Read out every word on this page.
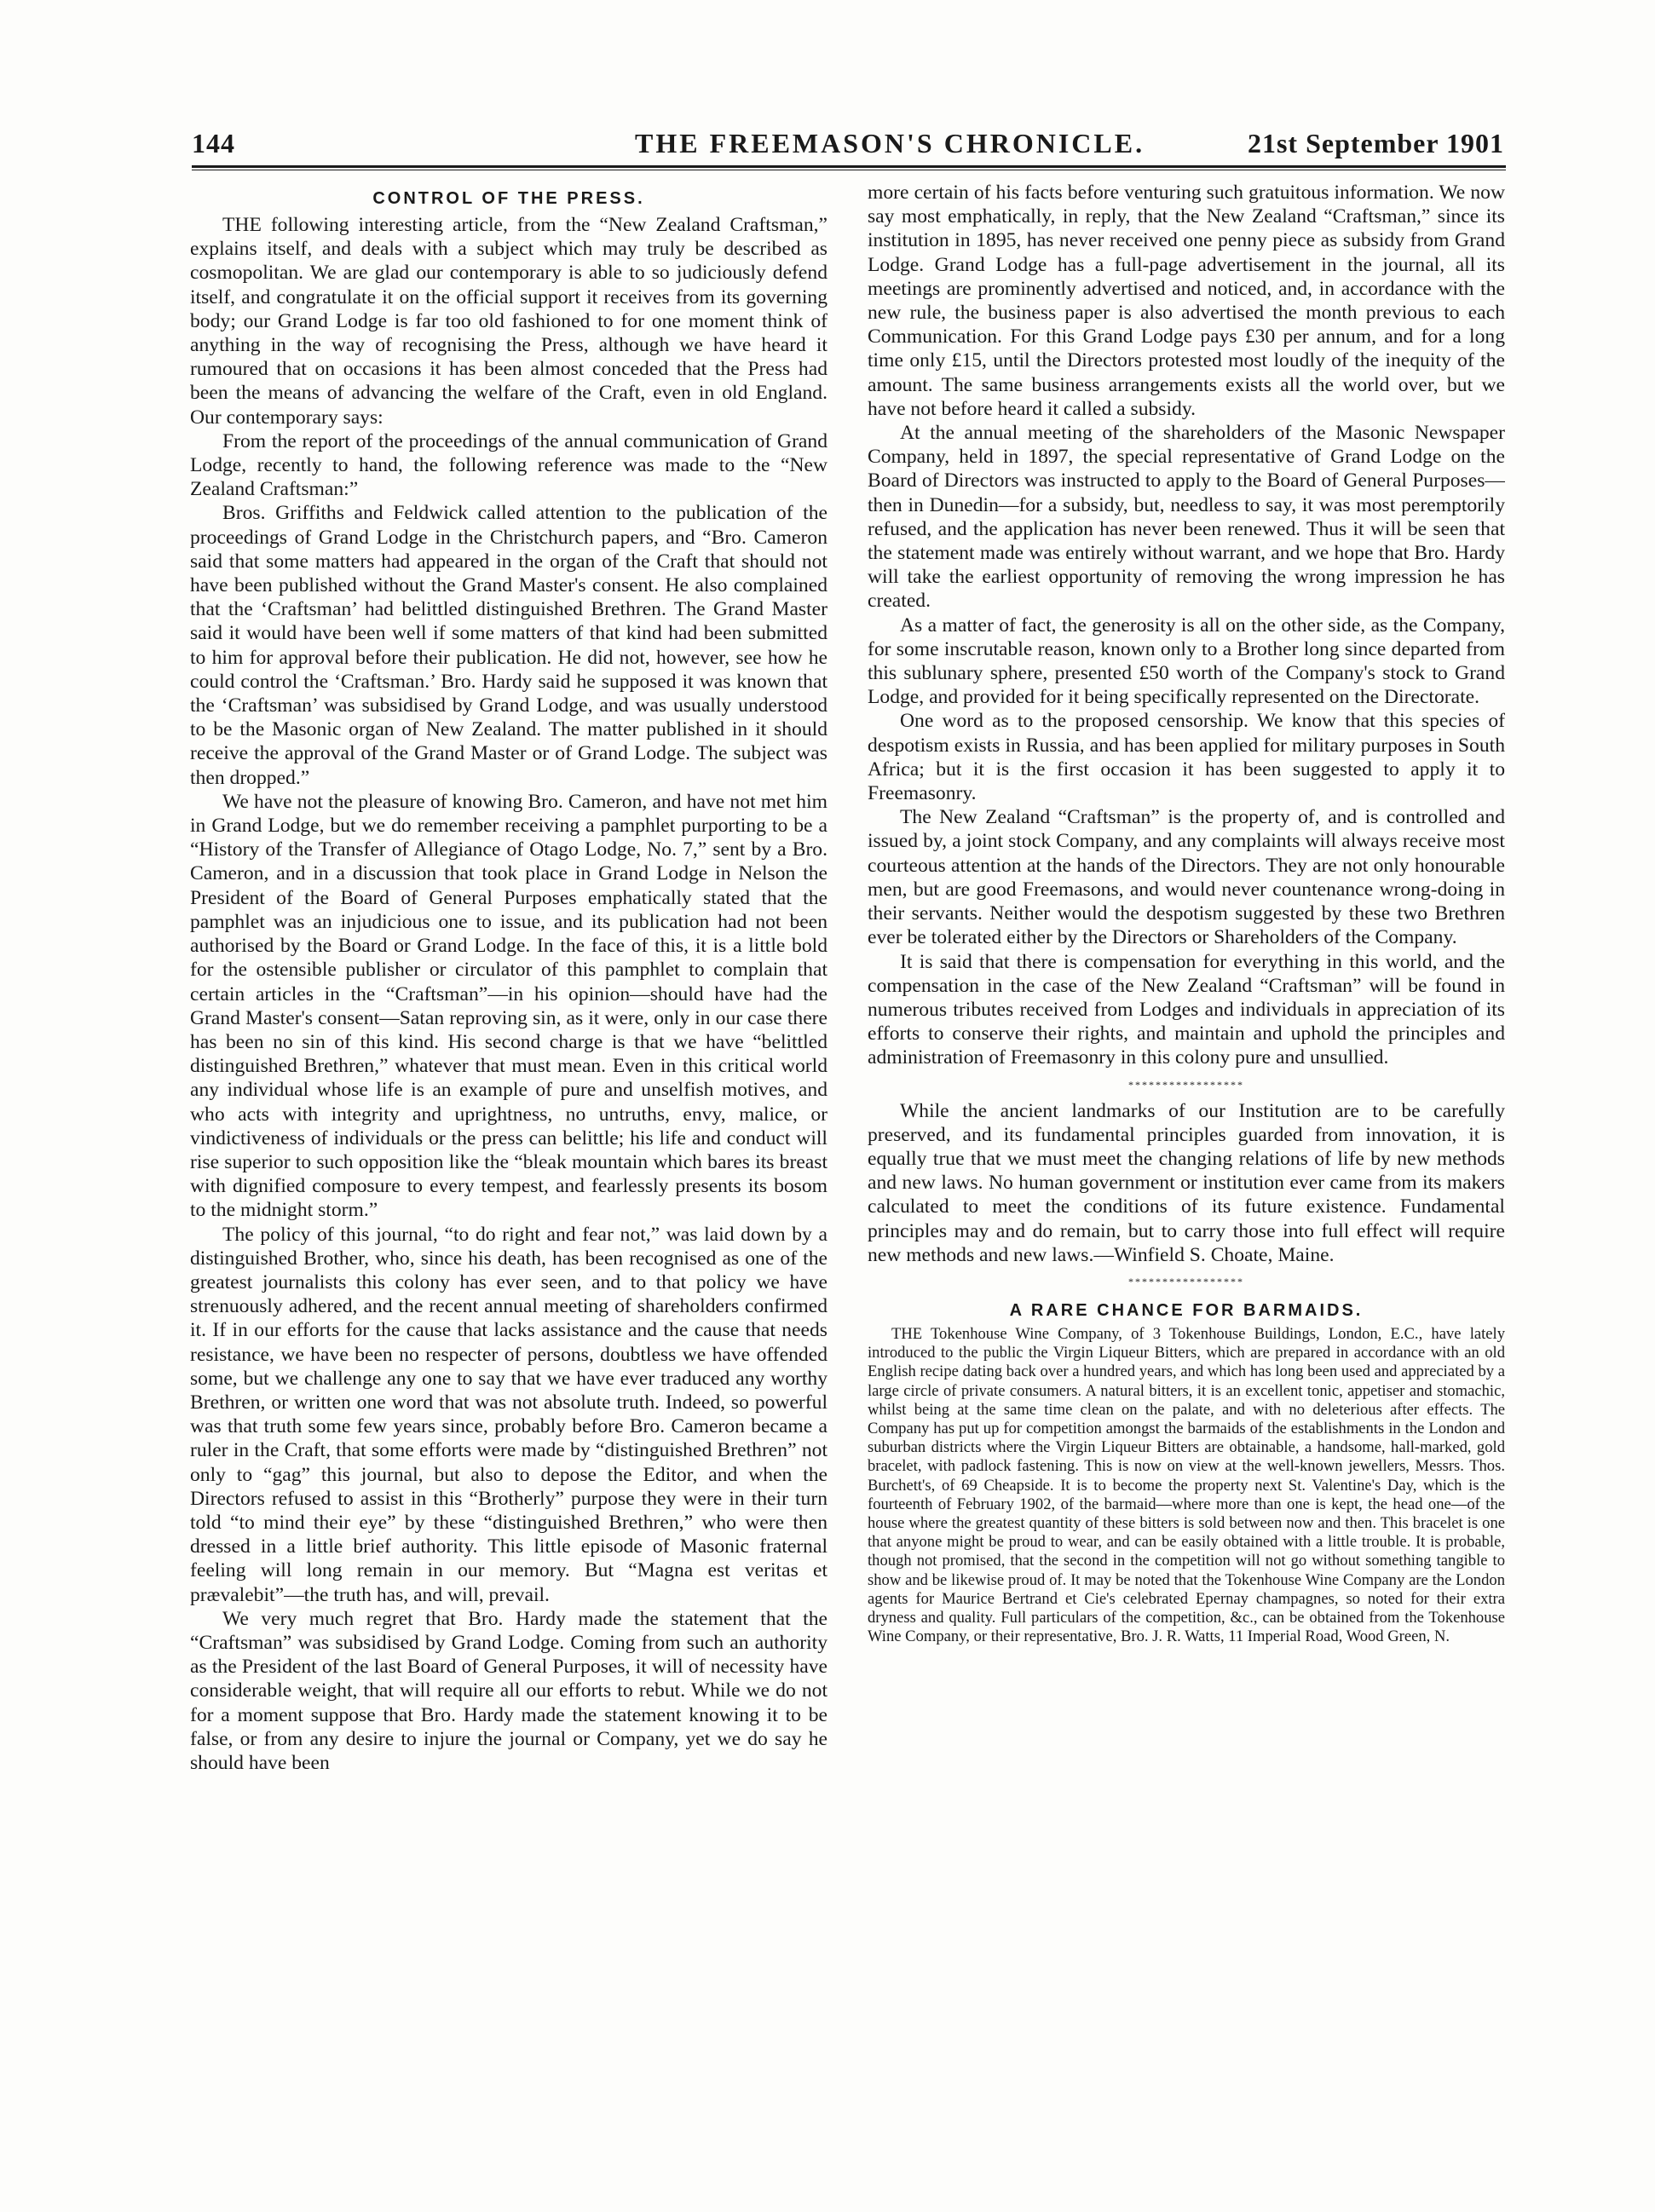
144	THE FREEMASON'S CHRONICLE.	21st September 1901
CONTROL OF THE PRESS.

THE following interesting article, from the “New Zealand Craftsman,” explains itself, and deals with a subject which may truly be described as cosmopolitan. We are glad our contemporary is able to so judiciously defend itself, and congratulate it on the official support it receives from its governing body; our Grand Lodge is far too old fashioned to for one moment think of anything in the way of recognising the Press, although we have heard it rumoured that on occasions it has been almost conceded that the Press had been the means of advancing the welfare of the Craft, even in old England. Our contemporary says:

From the report of the proceedings of the annual communication of Grand Lodge, recently to hand, the following reference was made to the “New Zealand Craftsman:”

Bros. Griffiths and Feldwick called attention to the publication of the proceedings of Grand Lodge in the Christchurch papers, and “Bro. Cameron said that some matters had appeared in the organ of the Craft that should not have been published without the Grand Master's consent. He also complained that the ‘Craftsman’ had belittled distinguished Brethren. The Grand Master said it would have been well if some matters of that kind had been submitted to him for approval before their publication. He did not, however, see how he could control the ‘Craftsman.’ Bro. Hardy said he supposed it was known that the ‘Craftsman’ was subsidised by Grand Lodge, and was usually understood to be the Masonic organ of New Zealand. The matter published in it should receive the approval of the Grand Master or of Grand Lodge. The subject was then dropped.”

We have not the pleasure of knowing Bro. Cameron, and have not met him in Grand Lodge, but we do remember receiving a pamphlet purporting to be a “History of the Transfer of Allegiance of Otago Lodge, No. 7,” sent by a Bro. Cameron, and in a discussion that took place in Grand Lodge in Nelson the President of the Board of General Purposes emphatically stated that the pamphlet was an injudicious one to issue, and its publication had not been authorised by the Board or Grand Lodge. In the face of this, it is a little bold for the ostensible publisher or circulator of this pamphlet to complain that certain articles in the “Craftsman”—in his opinion—should have had the Grand Master's consent—Satan reproving sin, as it were, only in our case there has been no sin of this kind. His second charge is that we have “belittled distinguished Brethren,” whatever that must mean. Even in this critical world any individual whose life is an example of pure and unselfish motives, and who acts with integrity and uprightness, no untruths, envy, malice, or vindictiveness of individuals or the press can belittle; his life and conduct will rise superior to such opposition like the “bleak mountain which bares its breast with dignified composure to every tempest, and fearlessly presents its bosom to the midnight storm.”

The policy of this journal, “to do right and fear not,” was laid down by a distinguished Brother, who, since his death, has been recognised as one of the greatest journalists this colony has ever seen, and to that policy we have strenuously adhered, and the recent annual meeting of shareholders confirmed it. If in our efforts for the cause that lacks assistance and the cause that needs resistance, we have been no respecter of persons, doubtless we have offended some, but we challenge any one to say that we have ever traduced any worthy Brethren, or written one word that was not absolute truth. Indeed, so powerful was that truth some few years since, probably before Bro. Cameron became a ruler in the Craft, that some efforts were made by “distinguished Brethren” not only to “gag” this journal, but also to depose the Editor, and when the Directors refused to assist in this “Brotherly” purpose they were in their turn told “to mind their eye” by these “distinguished Brethren,” who were then dressed in a little brief authority. This little episode of Masonic fraternal feeling will long remain in our memory. But “Magna est veritas et prævalebit”—the truth has, and will, prevail.

We very much regret that Bro. Hardy made the statement that the “Craftsman” was subsidised by Grand Lodge. Coming from such an authority as the President of the last Board of General Purposes, it will of necessity have considerable weight, that will require all our efforts to rebut. While we do not for a moment suppose that Bro. Hardy made the statement knowing it to be false, or from any desire to injure the journal or Company, yet we do say he should have been

more certain of his facts before venturing such gratuitous information. We now say most emphatically, in reply, that the New Zealand “Craftsman,” since its institution in 1895, has never received one penny piece as subsidy from Grand Lodge. Grand Lodge has a full-page advertisement in the journal, all its meetings are prominently advertised and noticed, and, in accordance with the new rule, the business paper is also advertised the month previous to each Communication. For this Grand Lodge pays £30 per annum, and for a long time only £15, until the Directors protested most loudly of the inequity of the amount. The same business arrangements exists all the world over, but we have not before heard it called a subsidy.

At the annual meeting of the shareholders of the Masonic Newspaper Company, held in 1897, the special representative of Grand Lodge on the Board of Directors was instructed to apply to the Board of General Purposes—then in Dunedin—for a subsidy, but, needless to say, it was most peremptorily refused, and the application has never been renewed. Thus it will be seen that the statement made was entirely without warrant, and we hope that Bro. Hardy will take the earliest opportunity of removing the wrong impression he has created.

As a matter of fact, the generosity is all on the other side, as the Company, for some inscrutable reason, known only to a Brother long since departed from this sublunary sphere, presented £50 worth of the Company's stock to Grand Lodge, and provided for it being specifically represented on the Directorate.

One word as to the proposed censorship. We know that this species of despotism exists in Russia, and has been applied for military purposes in South Africa; but it is the first occasion it has been suggested to apply it to Freemasonry.

The New Zealand “Craftsman” is the property of, and is controlled and issued by, a joint stock Company, and any complaints will always receive most courteous attention at the hands of the Directors. They are not only honourable men, but are good Freemasons, and would never countenance wrong-doing in their servants. Neither would the despotism suggested by these two Brethren ever be tolerated either by the Directors or Shareholders of the Company.

It is said that there is compensation for everything in this world, and the compensation in the case of the New Zealand “Craftsman” will be found in numerous tributes received from Lodges and individuals in appreciation of its efforts to conserve their rights, and maintain and uphold the principles and administration of Freemasonry in this colony pure and unsullied.

*****************

While the ancient landmarks of our Institution are to be carefully preserved, and its fundamental principles guarded from innovation, it is equally true that we must meet the changing relations of life by new methods and new laws. No human government or institution ever came from its makers calculated to meet the conditions of its future existence. Fundamental principles may and do remain, but to carry those into full effect will require new methods and new laws.—Winfield S. Choate, Maine.

*****************
A RARE CHANCE FOR BARMAIDS.

THE Tokenhouse Wine Company, of 3 Tokenhouse Buildings, London, E.C., have lately introduced to the public the Virgin Liqueur Bitters, which are prepared in accordance with an old English recipe dating back over a hundred years, and which has long been used and appreciated by a large circle of private consumers. A natural bitters, it is an excellent tonic, appetiser and stomachic, whilst being at the same time clean on the palate, and with no deleterious after effects. The Company has put up for competition amongst the barmaids of the establishments in the London and suburban districts where the Virgin Liqueur Bitters are obtainable, a handsome, hall-marked, gold bracelet, with padlock fastening. This is now on view at the well-known jewellers, Messrs. Thos. Burchett's, of 69 Cheapside. It is to become the property next St. Valentine's Day, which is the fourteenth of February 1902, of the barmaid—where more than one is kept, the head one—of the house where the greatest quantity of these bitters is sold between now and then. This bracelet is one that anyone might be proud to wear, and can be easily obtained with a little trouble. It is probable, though not promised, that the second in the competition will not go without something tangible to show and be likewise proud of. It may be noted that the Tokenhouse Wine Company are the London agents for Maurice Bertrand et Cie's celebrated Epernay champagnes, so noted for their extra dryness and quality. Full particulars of the competition, &c., can be obtained from the Tokenhouse Wine Company, or their representative, Bro. J. R. Watts, 11 Imperial Road, Wood Green, N.
